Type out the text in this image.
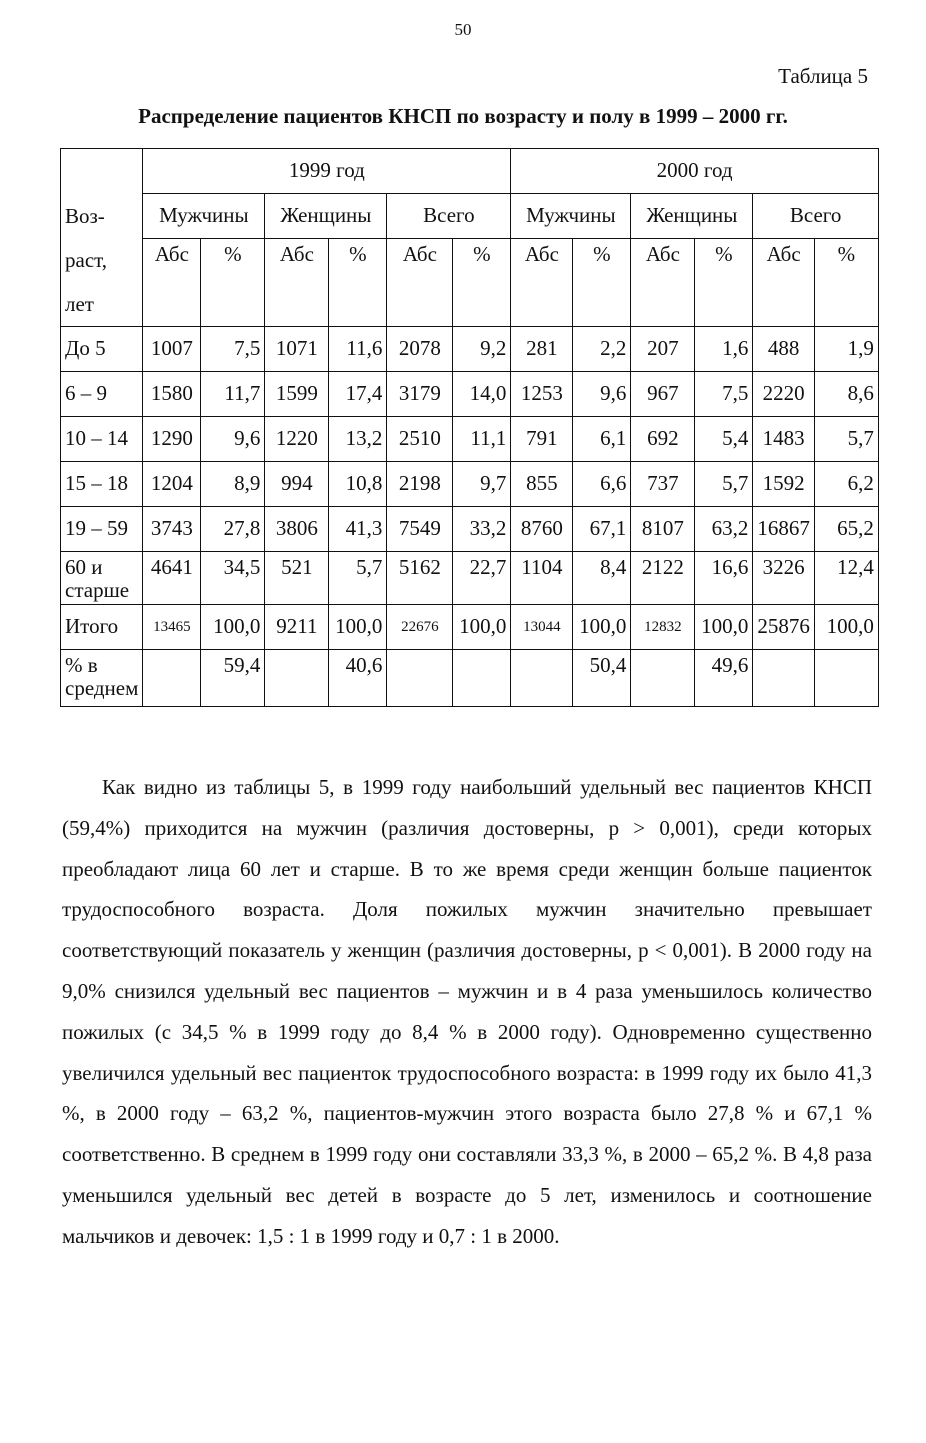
50
Таблица 5
Распределение пациентов КНСП по возрасту и полу в 1999 – 2000 гг.
Воз-
раст,
лет	1999 год						2000 год					
	Мужчины		Женщины		Всего		Мужчины		Женщины		Всего	
	Абс	%	Абс	%	Абс	%	Абс	%	Абс	%	Абс	%
До 5	1007	7,5	1071	11,6	2078	9,2	281	2,2	207	1,6	488	1,9
6 – 9	1580	11,7	1599	17,4	3179	14,0	1253	9,6	967	7,5	2220	8,6
10 – 14	1290	9,6	1220	13,2	2510	11,1	791	6,1	692	5,4	1483	5,7
15 – 18	1204	8,9	994	10,8	2198	9,7	855	6,6	737	5,7	1592	6,2
19 – 59	3743	27,8	3806	41,3	7549	33,2	8760	67,1	8107	63,2	16867	65,2
60 и старше	4641	34,5	521	5,7	5162	22,7	1104	8,4	2122	16,6	3226	12,4
Итого	13465	100,0	9211	100,0	22676	100,0	13044	100,0	12832	100,0	25876	100,0
% в среднем		59,4		40,6				50,4		49,6		

Как видно из таблицы 5, в 1999 году наибольший удельный вес пациентов КНСП (59,4%) приходится на мужчин (различия достоверны, р > 0,001), среди которых преобладают лица 60 лет и старше. В то же время среди женщин больше пациенток трудоспособного возраста. Доля пожилых мужчин значительно превышает соответствующий показатель у женщин (различия достоверны, р < 0,001). В 2000 году на 9,0% снизился удельный вес пациентов – мужчин и в 4 раза уменьшилось количество пожилых (с 34,5 % в 1999 году до 8,4 % в 2000 году). Одновременно существенно увеличился удельный вес пациенток трудоспособного возраста: в 1999 году их было 41,3 %, в 2000 году – 63,2 %, пациентов-мужчин этого возраста было 27,8 % и 67,1 % соответственно. В среднем в 1999 году они составляли 33,3 %, в 2000 – 65,2 %. В 4,8 раза уменьшился удельный вес детей в возрасте до 5 лет, изменилось и соотношение мальчиков и девочек: 1,5 : 1 в 1999 году и 0,7 : 1 в 2000.
